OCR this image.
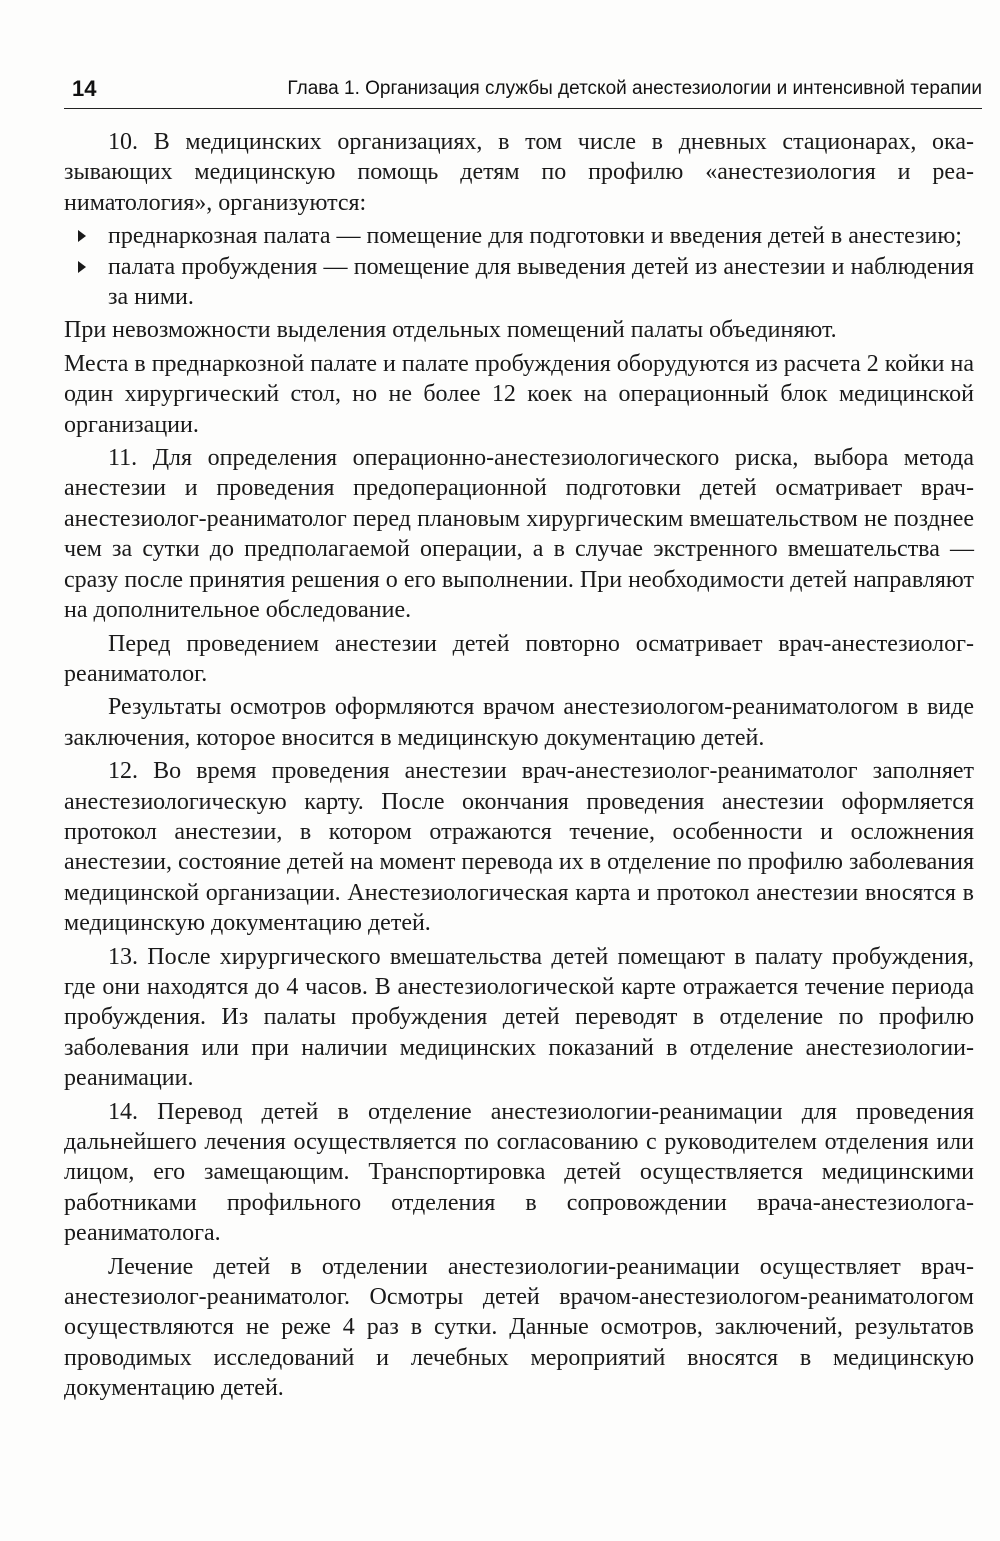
14	Глава 1. Организация службы детской анестезиологии и интенсивной терапии

10. В медицинских организациях, в том числе в дневных стационарах, оказывающих медицинскую помощь детям по профилю «анестезиология и реаниматология», организуются:

преднаркозная палата — помещение для подготовки и введения детей в анестезию;
палата пробуждения — помещение для выведения детей из анестезии и наблюдения за ними.

При невозможности выделения отдельных помещений палаты объединяют.

Места в преднаркозной палате и палате пробуждения оборудуются из расчета 2 койки на один хирургический стол, но не более 12 коек на операционный блок медицинской организации.

11. Для определения операционно-анестезиологического риска, выбора метода анестезии и проведения предоперационной подготовки детей осматривает врач-анестезиолог-реаниматолог перед плановым хирургическим вмешательством не позднее чем за сутки до предполагаемой операции, а в случае экстренного вмешательства — сразу после принятия решения о его выполнении. При необходимости детей направляют на дополнительное обследование.

Перед проведением анестезии детей повторно осматривает врач-анестезиолог-реаниматолог.

Результаты осмотров оформляются врачом анестезиологом-реаниматологом в виде заключения, которое вносится в медицинскую документацию детей.

12. Во время проведения анестезии врач-анестезиолог-реаниматолог заполняет анестезиологическую карту. После окончания проведения анестезии оформляется протокол анестезии, в котором отражаются течение, особенности и осложнения анестезии, состояние детей на момент перевода их в отделение по профилю заболевания медицинской организации. Анестезиологическая карта и протокол анестезии вносятся в медицинскую документацию детей.

13. После хирургического вмешательства детей помещают в палату пробуждения, где они находятся до 4 часов. В анестезиологической карте отражается течение периода пробуждения. Из палаты пробуждения детей переводят в отделение по профилю заболевания или при наличии медицинских показаний в отделение анестезиологии-реанимации.

14. Перевод детей в отделение анестезиологии-реанимации для проведения дальнейшего лечения осуществляется по согласованию с руководителем отделения или лицом, его замещающим. Транспортировка детей осуществляется медицинскими работниками профильного отделения в сопровождении врача-анестезиолога-реаниматолога.

Лечение детей в отделении анестезиологии-реанимации осуществляет врач-анестезиолог-реаниматолог. Осмотры детей врачом-анестезиологом-реаниматологом осуществляются не реже 4 раз в сутки. Данные осмотров, заключений, результатов проводимых исследований и лечебных мероприятий вносятся в медицинскую документацию детей.
